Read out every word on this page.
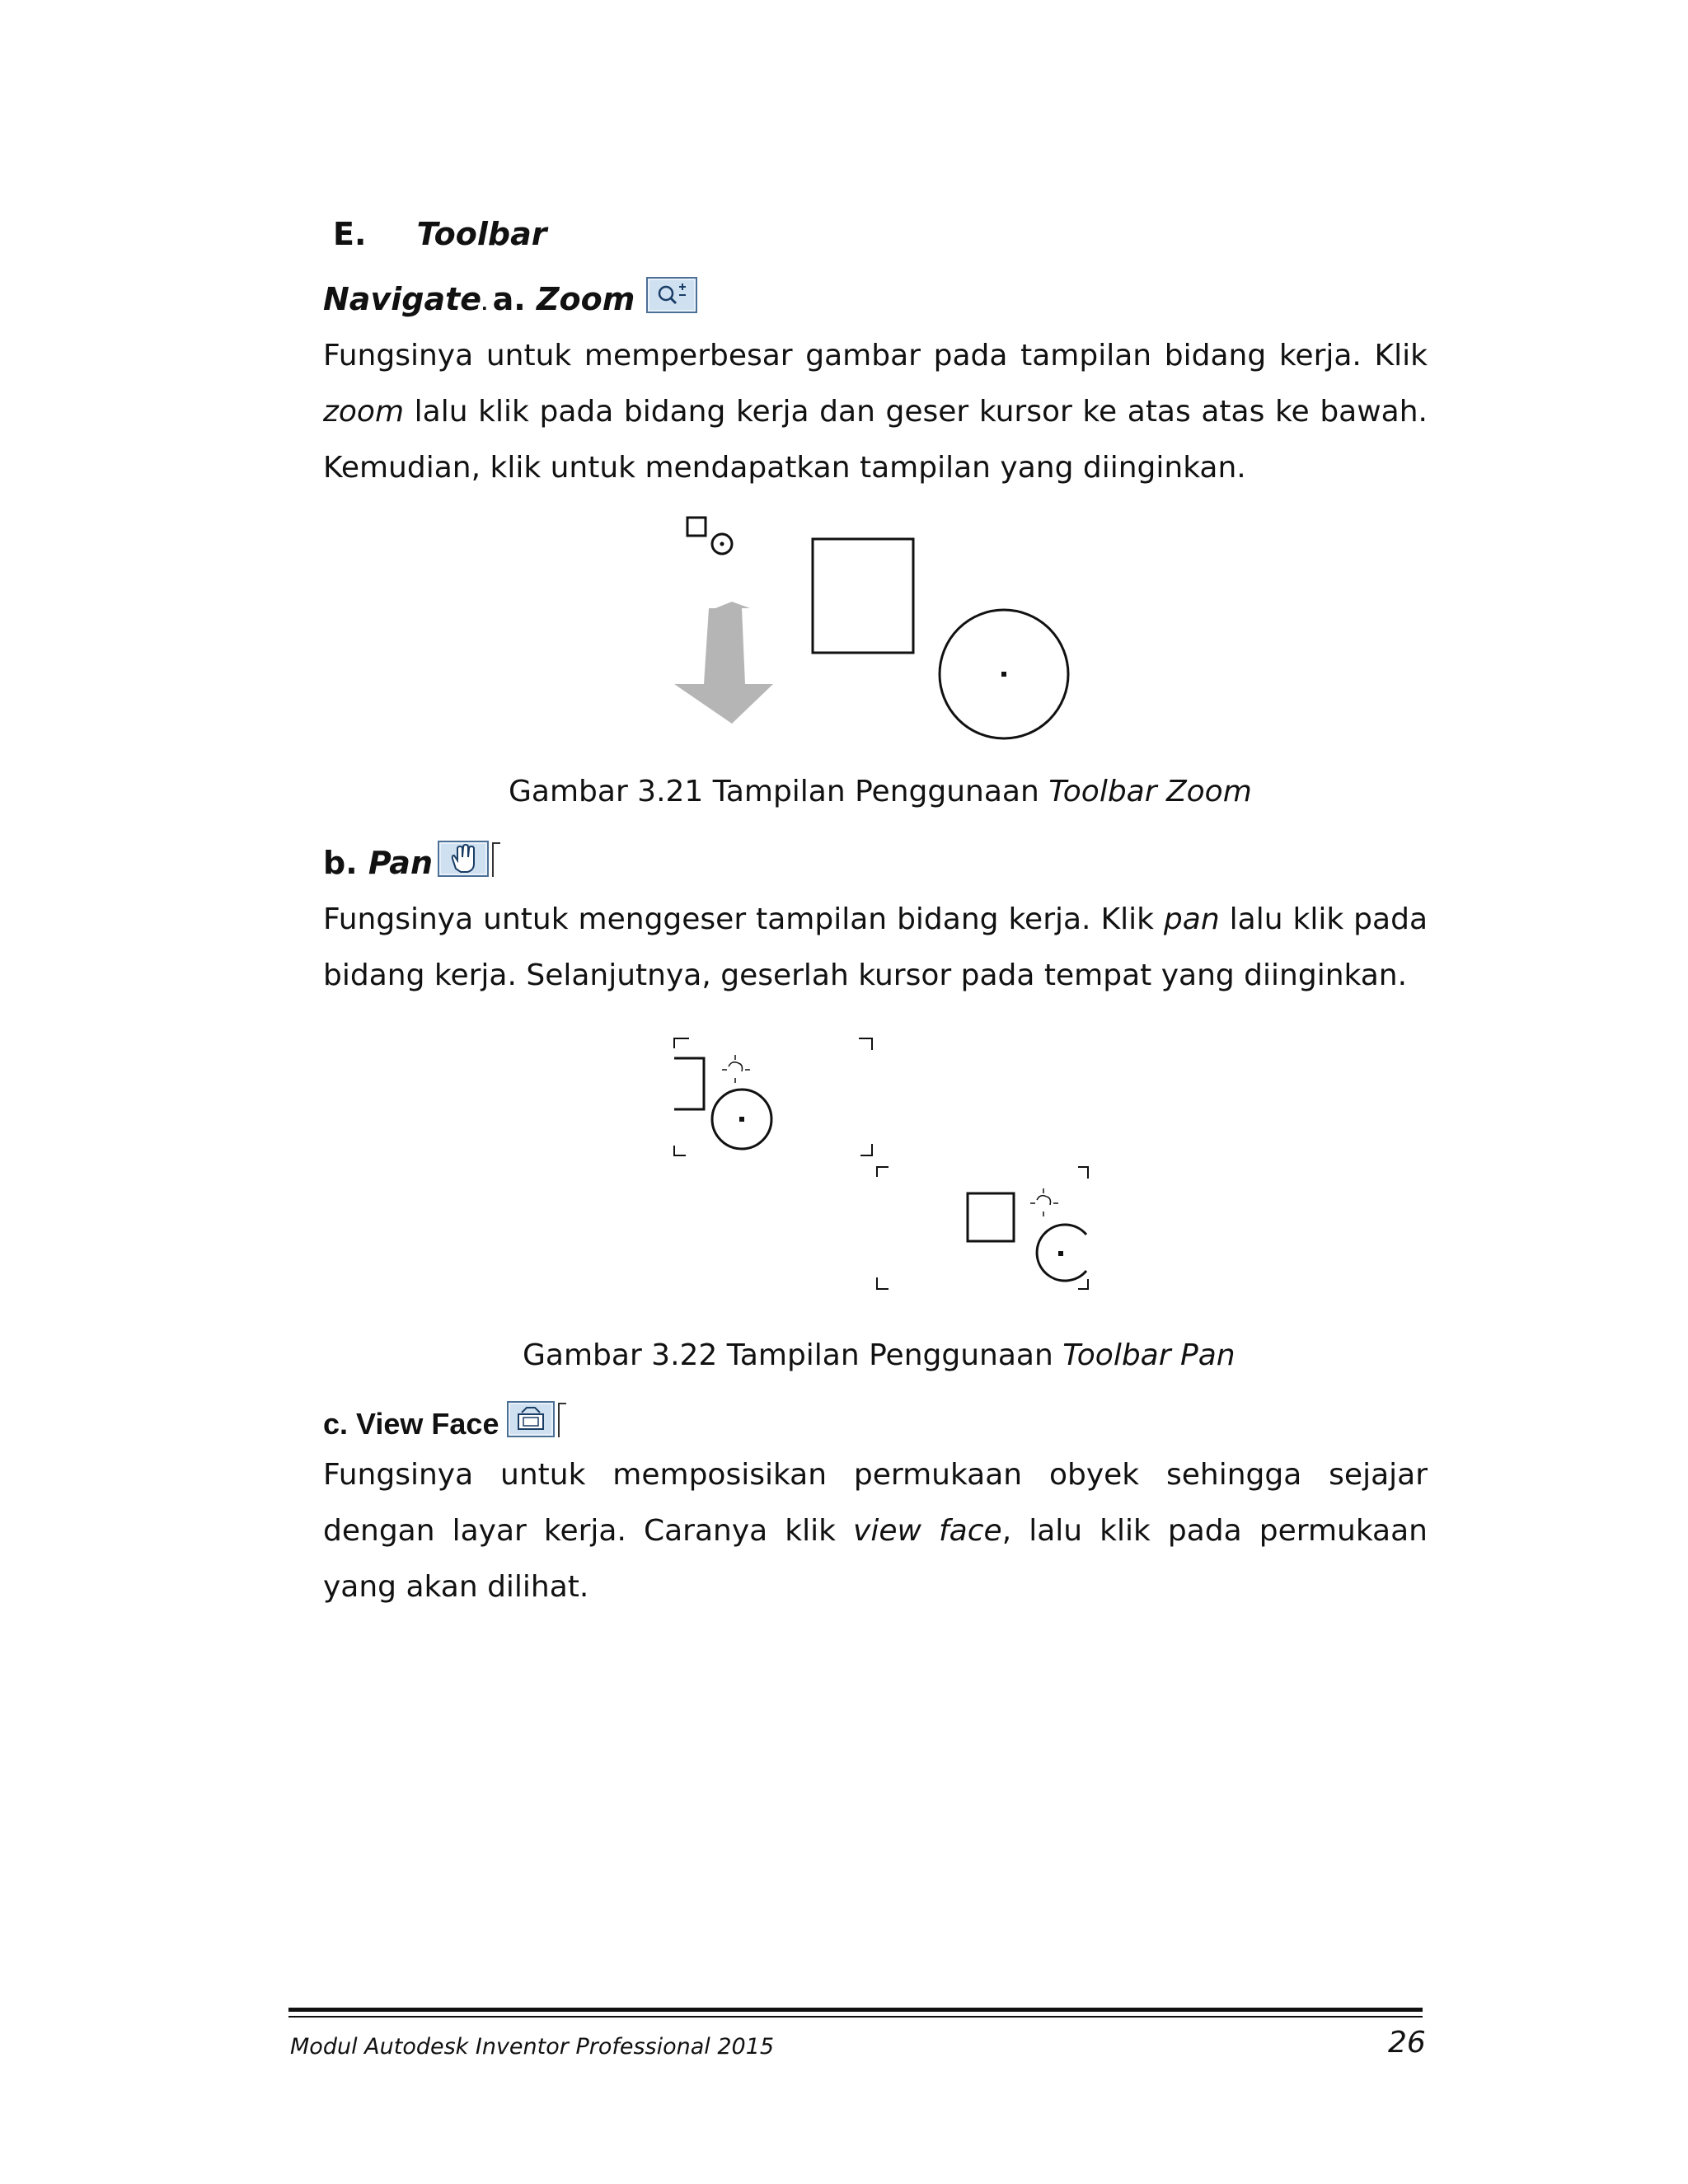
E. Toolbar
Navigate. a. Zoom
Fungsinya untuk memperbesar gambar pada tampilan bidang kerja. Klik zoom lalu klik pada bidang kerja dan geser kursor ke atas atas ke bawah. Kemudian, klik untuk mendapatkan tampilan yang diinginkan.
Gambar 3.21 Tampilan Penggunaan Toolbar Zoom
b. Pan
Fungsinya untuk menggeser tampilan bidang kerja. Klik pan lalu klik pada bidang kerja. Selanjutnya, geserlah kursor pada tempat yang diinginkan.
Gambar 3.22 Tampilan Penggunaan Toolbar Pan
c. View Face
Fungsinya untuk memposisikan permukaan obyek sehingga sejajar dengan layar kerja. Caranya klik view face, lalu klik pada permukaan yang akan dilihat.
Modul Autodesk Inventor Professional 2015	26
